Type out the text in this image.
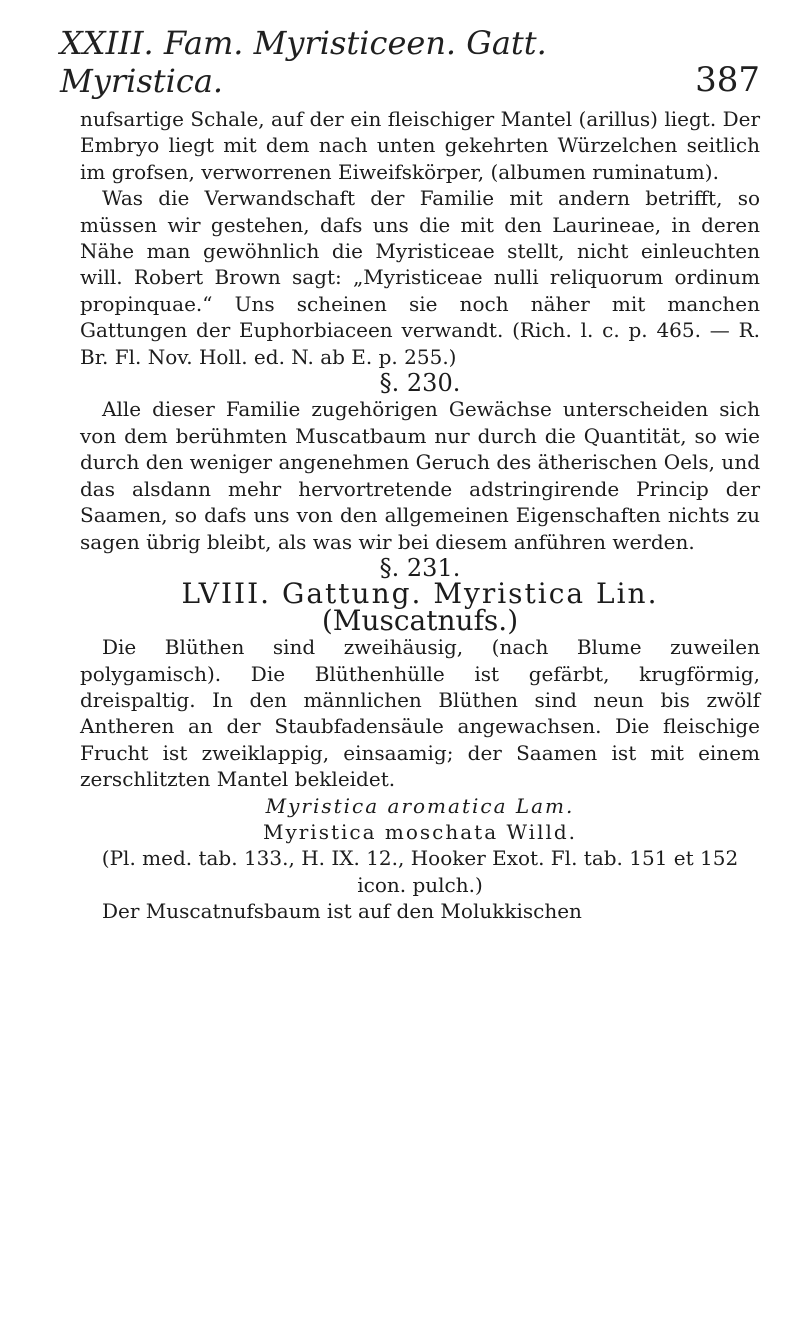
XXIII. Fam. Myristiceen. Gatt. Myristica.	387

nufsartige Schale, auf der ein fleischiger Mantel (arillus) liegt. Der Embryo liegt mit dem nach unten gekehrten Würzelchen seitlich im grofsen, verworrenen Eiweifskörper, (albumen ruminatum).

Was die Verwandschaft der Familie mit andern betrifft, so müssen wir gestehen, dafs uns die mit den Laurineae, in deren Nähe man gewöhnlich die Myristiceae stellt, nicht einleuchten will. Robert Brown sagt: „Myristiceae nulli reliquorum ordinum propinquae.“ Uns scheinen sie noch näher mit manchen Gattungen der Euphorbiaceen verwandt. (Rich. l. c. p. 465. — R. Br. Fl. Nov. Holl. ed. N. ab E. p. 255.)

§. 230.

Alle dieser Familie zugehörigen Gewächse unterscheiden sich von dem berühmten Muscatbaum nur durch die Quantität, so wie durch den weniger angenehmen Geruch des ätherischen Oels, und das alsdann mehr hervortretende adstringirende Princip der Saamen, so dafs uns von den allgemeinen Eigenschaften nichts zu sagen übrig bleibt, als was wir bei diesem anführen werden.

§. 231.

LVIII. Gattung. Myristica Lin.

(Muscatnufs.)

Die Blüthen sind zweihäusig, (nach Blume zuweilen polygamisch). Die Blüthenhülle ist gefärbt, krugförmig, dreispaltig. In den männlichen Blüthen sind neun bis zwölf Antheren an der Staubfadensäule angewachsen. Die fleischige Frucht ist zweiklappig, einsaamig; der Saamen ist mit einem zerschlitzten Mantel bekleidet.

Myristica aromatica Lam.

Myristica moschata Willd.

(Pl. med. tab. 133., H. IX. 12., Hooker Exot. Fl. tab. 151 et 152 icon. pulch.)

Der Muscatnufsbaum ist auf den Molukkischen
